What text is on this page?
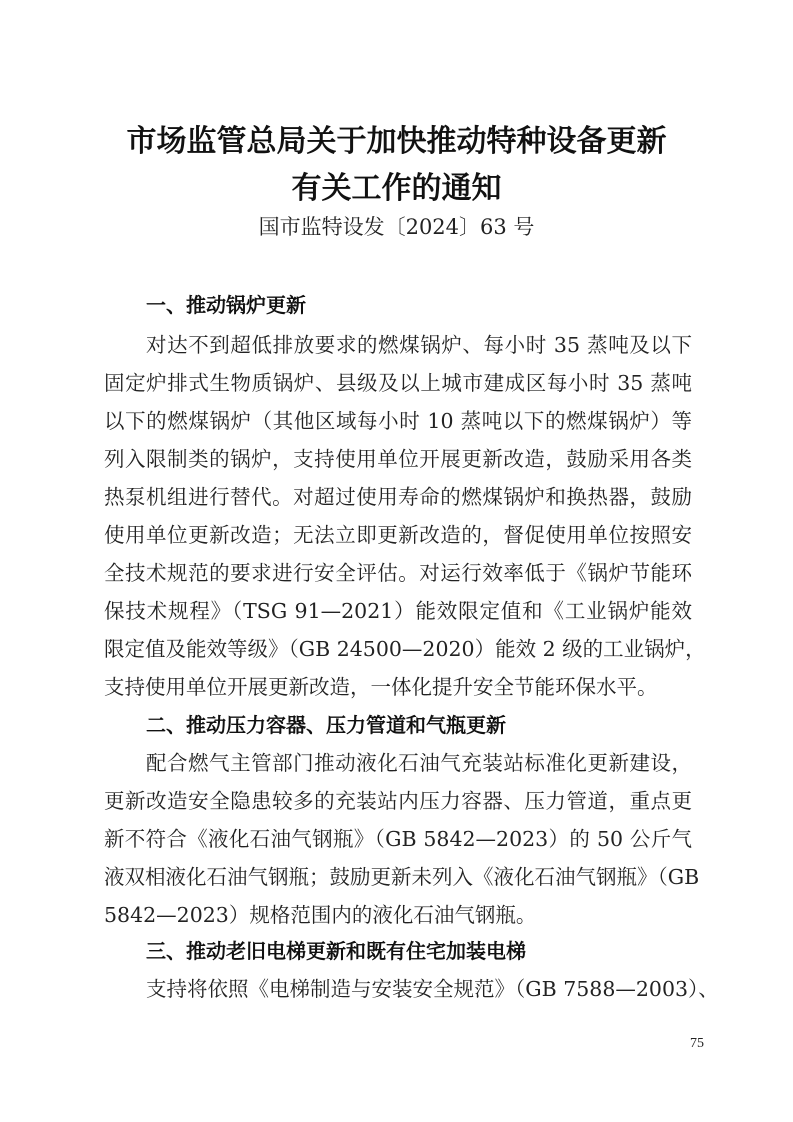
市场监管总局关于加快推动特种设备更新
有关工作的通知
国市监特设发〔2024〕63 号
一、推动锅炉更新
对达不到超低排放要求的燃煤锅炉、每小时 35 蒸吨及以下
固定炉排式生物质锅炉、县级及以上城市建成区每小时 35 蒸吨
以下的燃煤锅炉（其他区域每小时 10 蒸吨以下的燃煤锅炉）等
列入限制类的锅炉，支持使用单位开展更新改造，鼓励采用各类
热泵机组进行替代。对超过使用寿命的燃煤锅炉和换热器，鼓励
使用单位更新改造；无法立即更新改造的，督促使用单位按照安
全技术规范的要求进行安全评估。对运行效率低于《锅炉节能环
保技术规程》（TSG 91—2021）能效限定值和《工业锅炉能效
限定值及能效等级》（GB 24500—2020）能效 2 级的工业锅炉，
支持使用单位开展更新改造，一体化提升安全节能环保水平。
二、推动压力容器、压力管道和气瓶更新
配合燃气主管部门推动液化石油气充装站标准化更新建设，
更新改造安全隐患较多的充装站内压力容器、压力管道，重点更
新不符合《液化石油气钢瓶》（GB 5842—2023）的 50 公斤气
液双相液化石油气钢瓶；鼓励更新未列入《液化石油气钢瓶》（GB
5842—2023）规格范围内的液化石油气钢瓶。
三、推动老旧电梯更新和既有住宅加装电梯
支持将依照《电梯制造与安装安全规范》（GB 7588—2003）、
75
